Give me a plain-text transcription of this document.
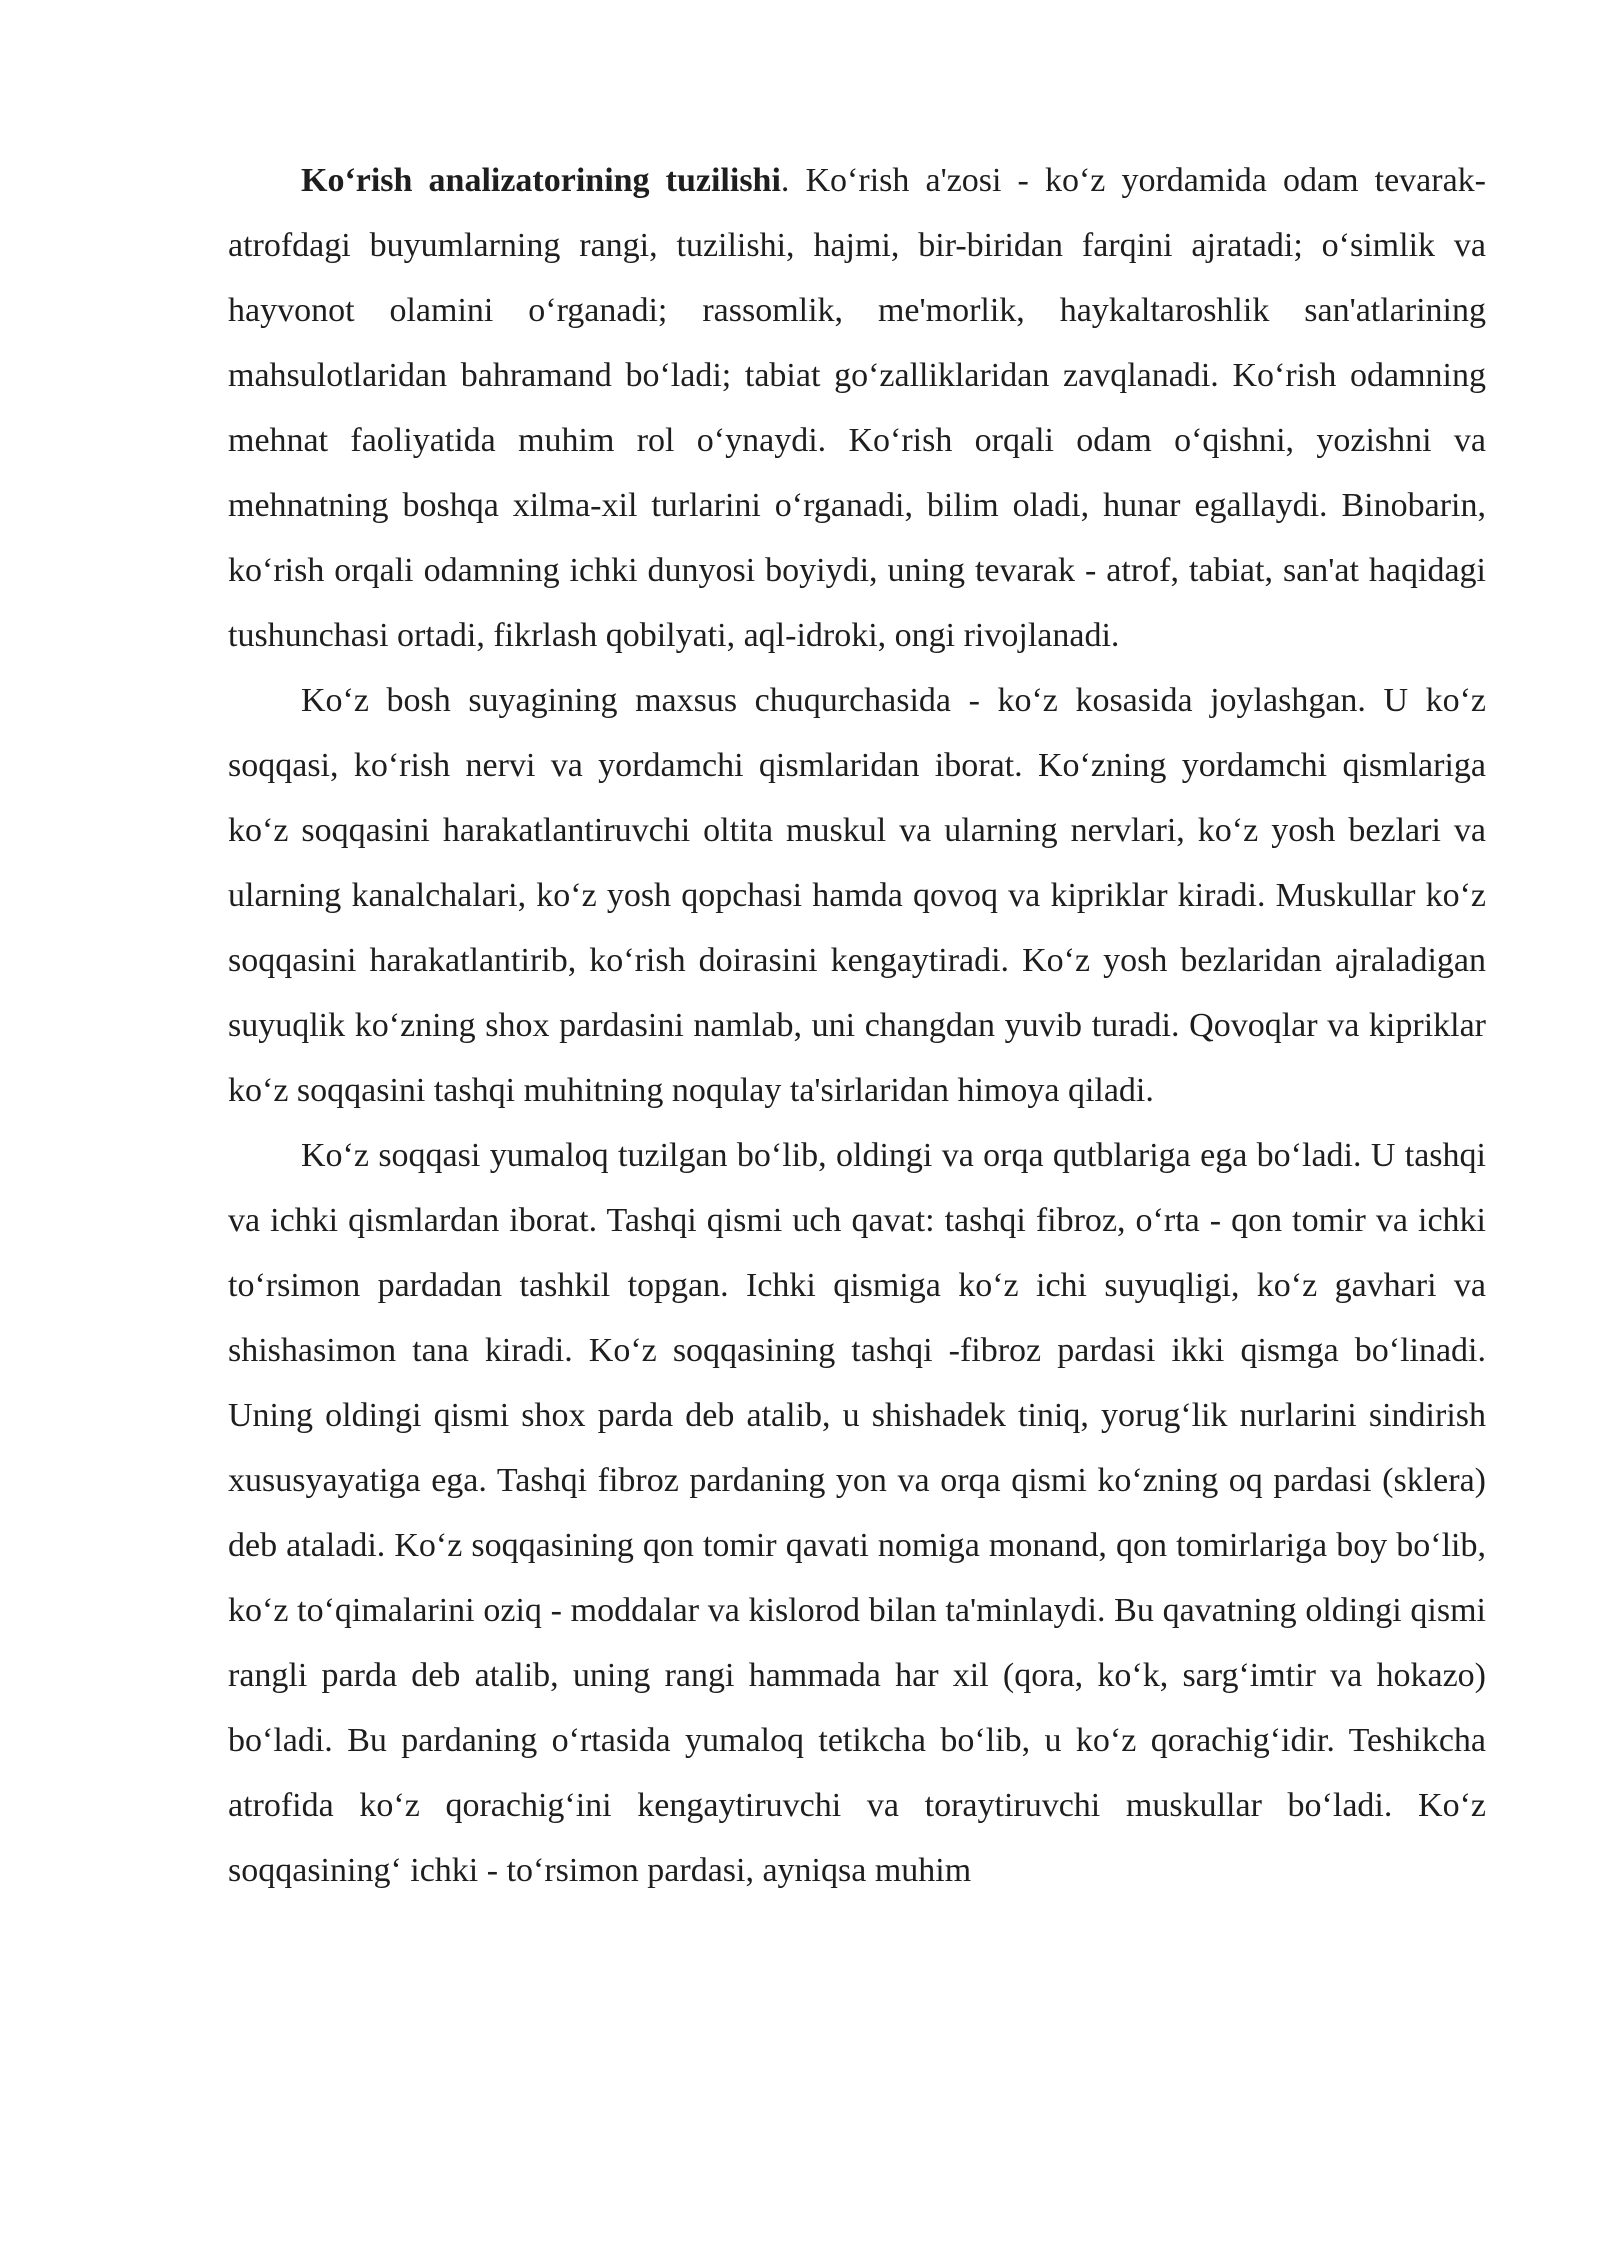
Ko‘rish analizatorining tuzilishi. Ko‘rish a'zosi - ko‘z yordamida odam tevarak-atrofdagi buyumlarning rangi, tuzilishi, hajmi, bir-biridan farqini ajratadi; o‘simlik va hayvonot olamini o‘rganadi; rassomlik, me'morlik, haykaltaroshlik san'atlarining mahsulotlaridan bahramand bo‘ladi; tabiat go‘zalliklaridan zavqlanadi. Ko‘rish odamning mehnat faoliyatida muhim rol o‘ynaydi. Ko‘rish orqali odam o‘qishni, yozishni va mehnatning boshqa xilma-xil turlarini o‘rganadi, bilim oladi, hunar egallaydi. Binobarin, ko‘rish orqali odamning ichki dunyosi boyiydi, uning tevarak - atrof, tabiat, san'at haqidagi tushunchasi ortadi, fikrlash qobilyati, aql-idroki, ongi rivojlanadi.

Ko‘z bosh suyagining maxsus chuqurchasida - ko‘z kosasida joylashgan. U ko‘z soqqasi, ko‘rish nervi va yordamchi qismlaridan iborat. Ko‘zning yordamchi qismlariga ko‘z soqqasini harakatlantiruvchi oltita muskul va ularning nervlari, ko‘z yosh bezlari va ularning kanalchalari, ko‘z yosh qopchasi hamda qovoq va kipriklar kiradi. Muskullar ko‘z soqqasini harakatlantirib, ko‘rish doirasini kengaytiradi. Ko‘z yosh bezlaridan ajraladigan suyuqlik ko‘zning shox pardasini namlab, uni changdan yuvib turadi. Qovoqlar va kipriklar ko‘z soqqasini tashqi muhitning noqulay ta'sirlaridan himoya qiladi.

Ko‘z soqqasi yumaloq tuzilgan bo‘lib, oldingi va orqa qutblariga ega bo‘ladi. U tashqi va ichki qismlardan iborat. Tashqi qismi uch qavat: tashqi fibroz, o‘rta - qon tomir va ichki to‘rsimon pardadan tashkil topgan. Ichki qismiga ko‘z ichi suyuqligi, ko‘z gavhari va shishasimon tana kiradi. Ko‘z soqqasining tashqi -fibroz pardasi ikki qismga bo‘linadi. Uning oldingi qismi shox parda deb atalib, u shishadek tiniq, yorug‘lik nurlarini sindirish xususyayatiga ega. Tashqi fibroz pardaning yon va orqa qismi ko‘zning oq pardasi (sklera) deb ataladi. Ko‘z soqqasining qon tomir qavati nomiga monand, qon tomirlariga boy bo‘lib, ko‘z to‘qimalarini oziq - moddalar va kislorod bilan ta'minlaydi. Bu qavatning oldingi qismi rangli parda deb atalib, uning rangi hammada har xil (qora, ko‘k, sarg‘imtir va hokazo) bo‘ladi. Bu pardaning o‘rtasida yumaloq tetikcha bo‘lib, u ko‘z qorachig‘idir. Teshikcha atrofida ko‘z qorachig‘ini kengaytiruvchi va toraytiruvchi muskullar bo‘ladi. Ko‘z soqqasining‘ ichki - to‘rsimon pardasi, ayniqsa muhim
